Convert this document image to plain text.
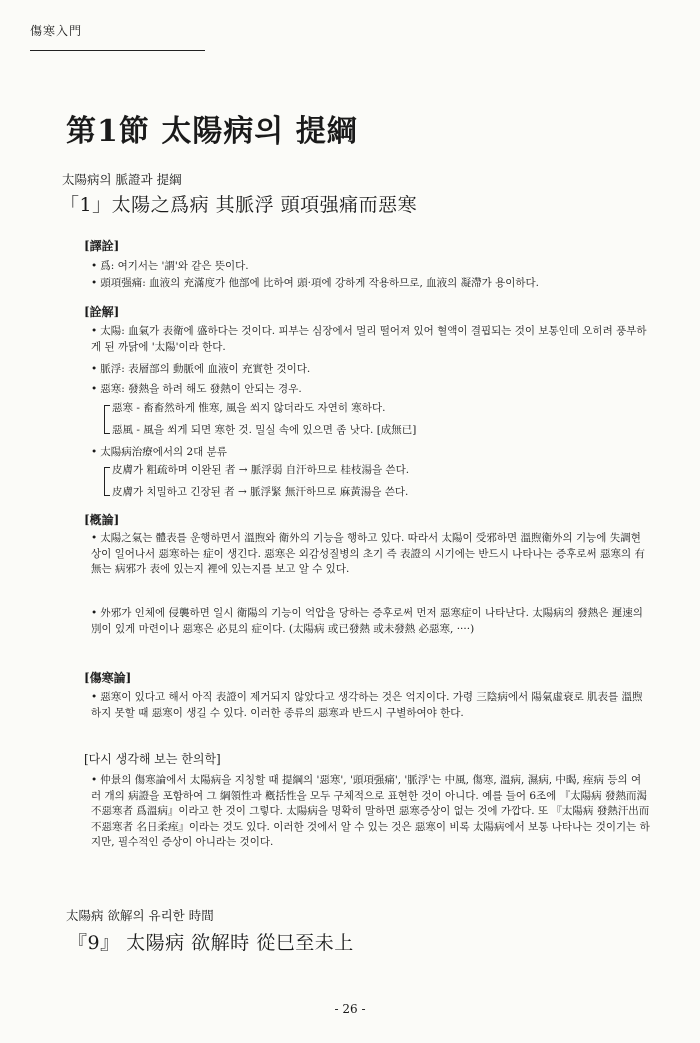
傷寒入門
第1節 太陽病의 提綱
太陽病의 脈證과 提綱
「1」太陽之爲病 其脈浮 頭項强痛而惡寒
[譯詮]
• 爲: 여기서는 '謂'와 같은 뜻이다.
• 頭項强痛: 血液의 充滿度가 他部에 比하여 頭·項에 강하게 작용하므로, 血液의 凝滯가 용이하다.
[詮解]
• 太陽: 血氣가 表衛에 盛하다는 것이다. 피부는 심장에서 멀리 떨어져 있어 혈액이 결핍되는 것이 보통인데 오히려 풍부하게 된 까닭에 '太陽'이라 한다.
• 脈浮: 表層部의 動脈에 血液이 充實한 것이다.
• 惡寒: 發熱을 하려 해도 發熱이 안되는 경우.
惡寒 - 畜畜然하게 惟寒, 風을 쐬지 않더라도 자연히 寒하다.
惡風 - 風을 쐬게 되면 寒한 것. 밀실 속에 있으면 좀 낫다. [成無已]
• 太陽病治療에서의 2대 분류
皮膚가 粗疏하며 이완된 者 → 脈浮弱 自汗하므로 桂枝湯을 쓴다.
皮膚가 치밀하고 긴장된 者 → 脈浮緊 無汗하므로 麻黃湯을 쓴다.
[槪論]
• 太陽之氣는 體表를 운행하면서 溫煦와 衛外의 기능을 행하고 있다. 따라서 太陽이 受邪하면 溫煦衛外의 기능에 失調현상이 일어나서 惡寒하는 症이 생긴다. 惡寒은 외감성질병의 초기 즉 表證의 시기에는 반드시 나타나는 증후로써 惡寒의 有無는 病邪가 表에 있는지 裡에 있는지를 보고 알 수 있다.
• 外邪가 인체에 侵襲하면 일시 衛陽의 기능이 억압을 당하는 증후로써 먼저 惡寒症이 나타난다. 太陽病의 發熱은 遲速의 別이 있게 마련이나 惡寒은 必見의 症이다. (太陽病 或已發熱 或未發熱 必惡寒, ····)
[傷寒論]
• 惡寒이 있다고 해서 아직 表證이 제거되지 않았다고 생각하는 것은 억지이다. 가령 三陰病에서 陽氣虛衰로 肌表를 溫煦하지 못할 때 惡寒이 생길 수 있다. 이러한 종류의 惡寒과 반드시 구별하여야 한다.
[다시 생각해 보는 한의학]
• 仲景의 傷寒論에서 太陽病을 지칭할 때 提綱의 '惡寒', '頭項强痛', '脈浮'는 中風, 傷寒, 溫病, 濕病, 中暍, 痓病 등의 여러 개의 病證을 포함하여 그 綱領性과 槪括性을 모두 구체적으로 표현한 것이 아니다. 예를 들어 6조에 『太陽病 發熱而渴 不惡寒者 爲溫病』이라고 한 것이 그렇다. 太陽病을 명확히 말하면 惡寒증상이 없는 것에 가깝다. 또 『太陽病 發熱汗出而不惡寒者 名日柔痓』이라는 것도 있다. 이러한 것에서 알 수 있는 것은 惡寒이 비록 太陽病에서 보통 나타나는 것이기는 하지만, 필수적인 증상이 아니라는 것이다.
太陽病 欲解의 유리한 時間
『9』 太陽病 欲解時 從巳至未上
- 26 -
